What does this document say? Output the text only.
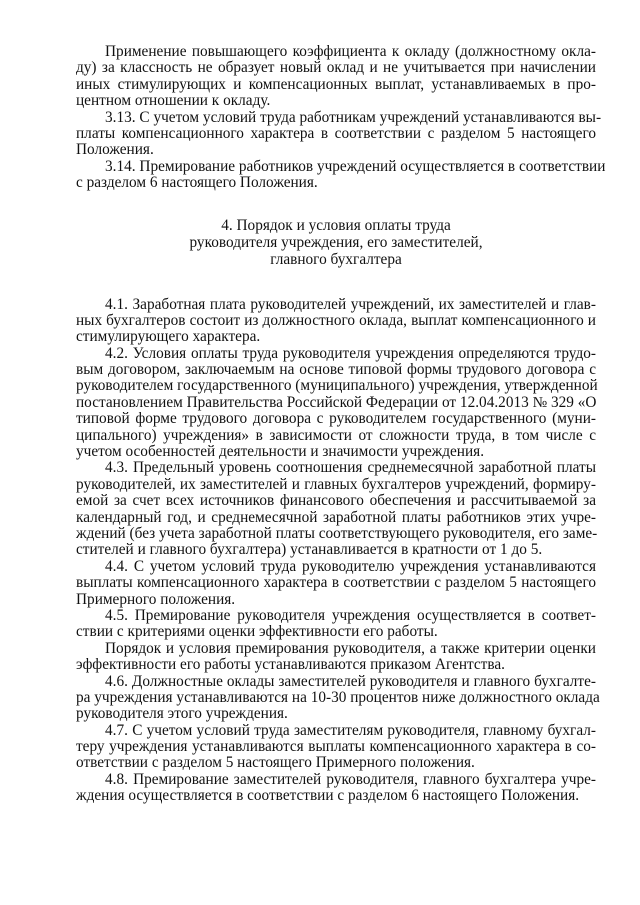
Применение повышающего коэффициента к окладу (должностному окла-
ду) за классность не образует новый оклад и не учитывается при начислении
иных стимулирующих и компенсационных выплат, устанавливаемых в про-
центном отношении к окладу.
3.13. С учетом условий труда работникам учреждений устанавливаются вы-
платы компенсационного характера в соответствии с разделом 5 настоящего
Положения.
3.14. Премирование работников учреждений осуществляется в соответствии
с разделом 6 настоящего Положения.
4. Порядок и условия оплаты труда
руководителя учреждения, его заместителей,
главного бухгалтера
4.1. Заработная плата руководителей учреждений, их заместителей и глав-
ных бухгалтеров состоит из должностного оклада, выплат компенсационного и
стимулирующего характера.
4.2. Условия оплаты труда руководителя учреждения определяются трудо-
вым договором, заключаемым на основе типовой формы трудового договора с
руководителем государственного (муниципального) учреждения, утвержденной
постановлением Правительства Российской Федерации от 12.04.2013 № 329 «О
типовой форме трудового договора с руководителем государственного (муни-
ципального) учреждения» в зависимости от сложности труда, в том числе с
учетом особенностей деятельности и значимости учреждения.
4.3. Предельный уровень соотношения среднемесячной заработной платы
руководителей, их заместителей и главных бухгалтеров учреждений, формиру-
емой за счет всех источников финансового обеспечения и рассчитываемой за
календарный год, и среднемесячной заработной платы работников этих учре-
ждений (без учета заработной платы соответствующего руководителя, его заме-
стителей и главного бухгалтера) устанавливается в кратности от 1 до 5.
4.4. С учетом условий труда руководителю учреждения устанавливаются
выплаты компенсационного характера в соответствии с разделом 5 настоящего
Примерного положения.
4.5. Премирование руководителя учреждения осуществляется в соответ-
ствии с критериями оценки эффективности его работы.
Порядок и условия премирования руководителя, а также критерии оценки
эффективности его работы устанавливаются приказом Агентства.
4.6. Должностные оклады заместителей руководителя и главного бухгалте-
ра учреждения устанавливаются на 10-30 процентов ниже должностного оклада
руководителя этого учреждения.
4.7. С учетом условий труда заместителям руководителя, главному бухгал-
теру учреждения устанавливаются выплаты компенсационного характера в со-
ответствии с разделом 5 настоящего Примерного положения.
4.8. Премирование заместителей руководителя, главного бухгалтера учре-
ждения осуществляется в соответствии с разделом 6 настоящего Положения.
